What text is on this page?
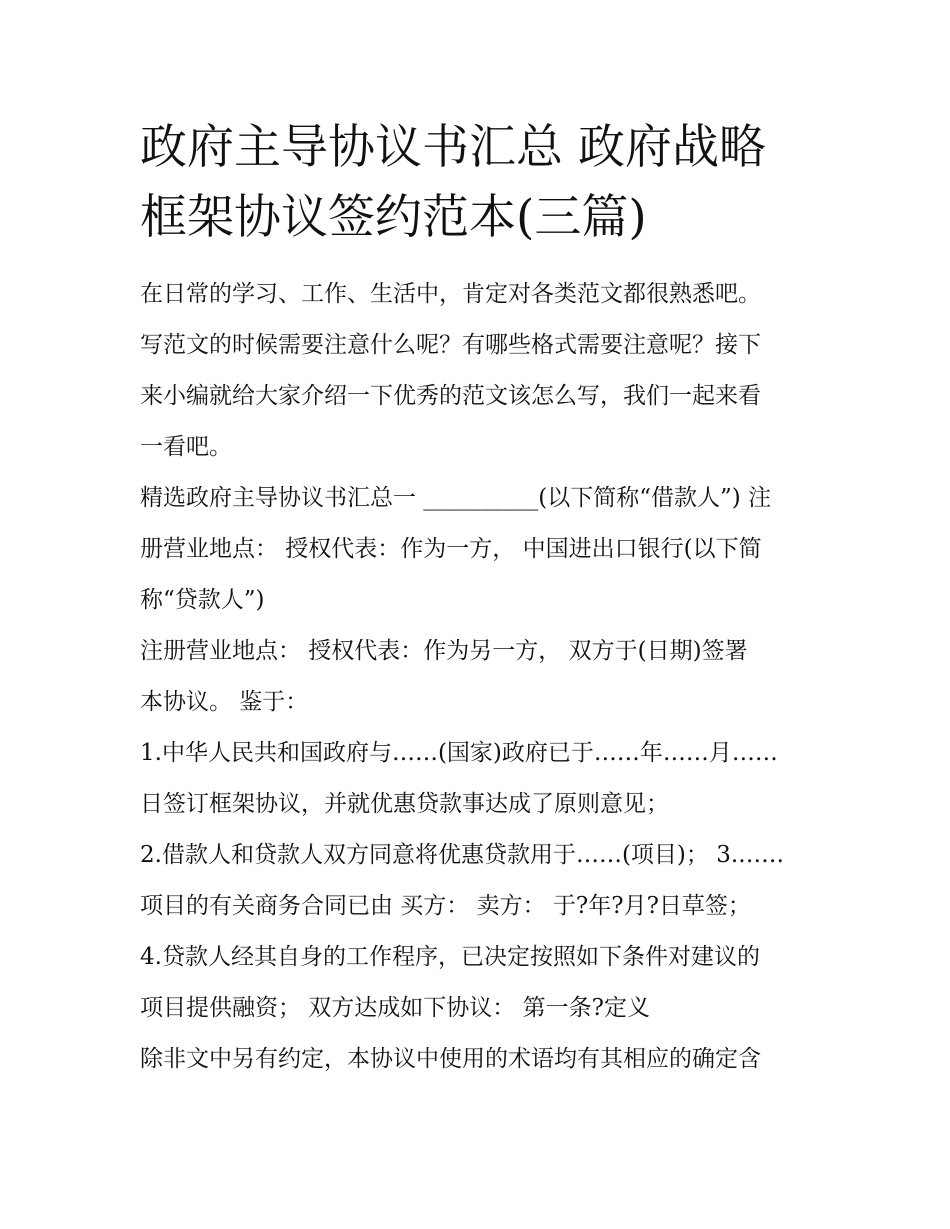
政府主导协议书汇总 政府战略
框架协议签约范本(三篇)
在日常的学习、工作、生活中，肯定对各类范文都很熟悉吧。
写范文的时候需要注意什么呢？有哪些格式需要注意呢？接下
来小编就给大家介绍一下优秀的范文该怎么写，我们一起来看
一看吧。
精选政府主导协议书汇总一 __________(以下简称“借款人”) 注
册营业地点： 授权代表：作为一方， 中国进出口银行(以下简
称“贷款人”)
注册营业地点： 授权代表：作为另一方， 双方于(日期)签署
本协议。 鉴于：
1.中华人民共和国政府与……(国家)政府已于……年……月……
日签订框架协议，并就优惠贷款事达成了原则意见；
2.借款人和贷款人双方同意将优惠贷款用于……(项目)； 3.……
项目的有关商务合同已由 买方： 卖方： 于?年?月?日草签；
4.贷款人经其自身的工作程序，已决定按照如下条件对建议的
项目提供融资； 双方达成如下协议： 第一条?定义
除非文中另有约定，本协议中使用的术语均有其相应的确定含
